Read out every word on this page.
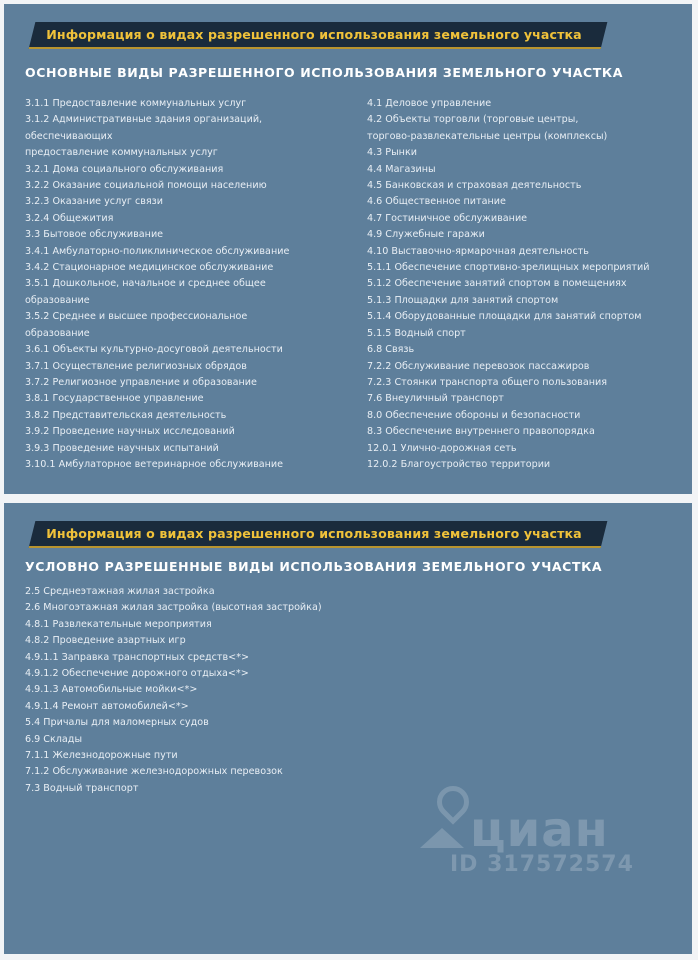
Информация о видах разрешенного использования земельного участка
ОСНОВНЫЕ ВИДЫ РАЗРЕШЕННОГО ИСПОЛЬЗОВАНИЯ ЗЕМЕЛЬНОГО УЧАСТКА
3.1.1 Предоставление коммунальных услуг
3.1.2 Административные здания организаций,
обеспечивающих
предоставление коммунальных услуг
3.2.1 Дома социального обслуживания
3.2.2 Оказание социальной помощи населению
3.2.3 Оказание услуг связи
3.2.4 Общежития
3.3 Бытовое обслуживание
3.4.1 Амбулаторно-поликлиническое обслуживание
3.4.2 Стационарное медицинское обслуживание
3.5.1 Дошкольное, начальное и среднее общее
образование
3.5.2 Среднее и высшее профессиональное
образование
3.6.1 Объекты культурно-досуговой деятельности
3.7.1 Осуществление религиозных обрядов
3.7.2 Религиозное управление и образование
3.8.1 Государственное управление
3.8.2 Представительская деятельность
3.9.2 Проведение научных исследований
3.9.3 Проведение научных испытаний
3.10.1 Амбулаторное ветеринарное обслуживание
4.1 Деловое управление
4.2 Объекты торговли (торговые центры,
торгово-развлекательные центры (комплексы)
4.3 Рынки
4.4 Магазины
4.5 Банковская и страховая деятельность
4.6 Общественное питание
4.7 Гостиничное обслуживание
4.9 Служебные гаражи
4.10 Выставочно-ярмарочная деятельность
5.1.1 Обеспечение спортивно-зрелищных мероприятий
5.1.2 Обеспечение занятий спортом в помещениях
5.1.3 Площадки для занятий спортом
5.1.4 Оборудованные площадки для занятий спортом
5.1.5 Водный спорт
6.8 Связь
7.2.2 Обслуживание перевозок пассажиров
7.2.3 Стоянки транспорта общего пользования
7.6 Внеуличный транспорт
8.0 Обеспечение обороны и безопасности
8.3 Обеспечение внутреннего правопорядка
12.0.1 Улично-дорожная сеть
12.0.2 Благоустройство территории
Информация о видах разрешенного использования земельного участка
УСЛОВНО РАЗРЕШЕННЫЕ ВИДЫ ИСПОЛЬЗОВАНИЯ ЗЕМЕЛЬНОГО УЧАСТКА
2.5 Среднеэтажная жилая застройка
2.6 Многоэтажная жилая застройка (высотная застройка)
4.8.1 Развлекательные мероприятия
4.8.2 Проведение азартных игр
4.9.1.1 Заправка транспортных средств<*>
4.9.1.2 Обеспечение дорожного отдыха<*>
4.9.1.3 Автомобильные мойки<*>
4.9.1.4 Ремонт автомобилей<*>
5.4 Причалы для маломерных судов
6.9 Склады
7.1.1 Железнодорожные пути
7.1.2 Обслуживание железнодорожных перевозок
7.3 Водный транспорт
циан
ID 317572574
